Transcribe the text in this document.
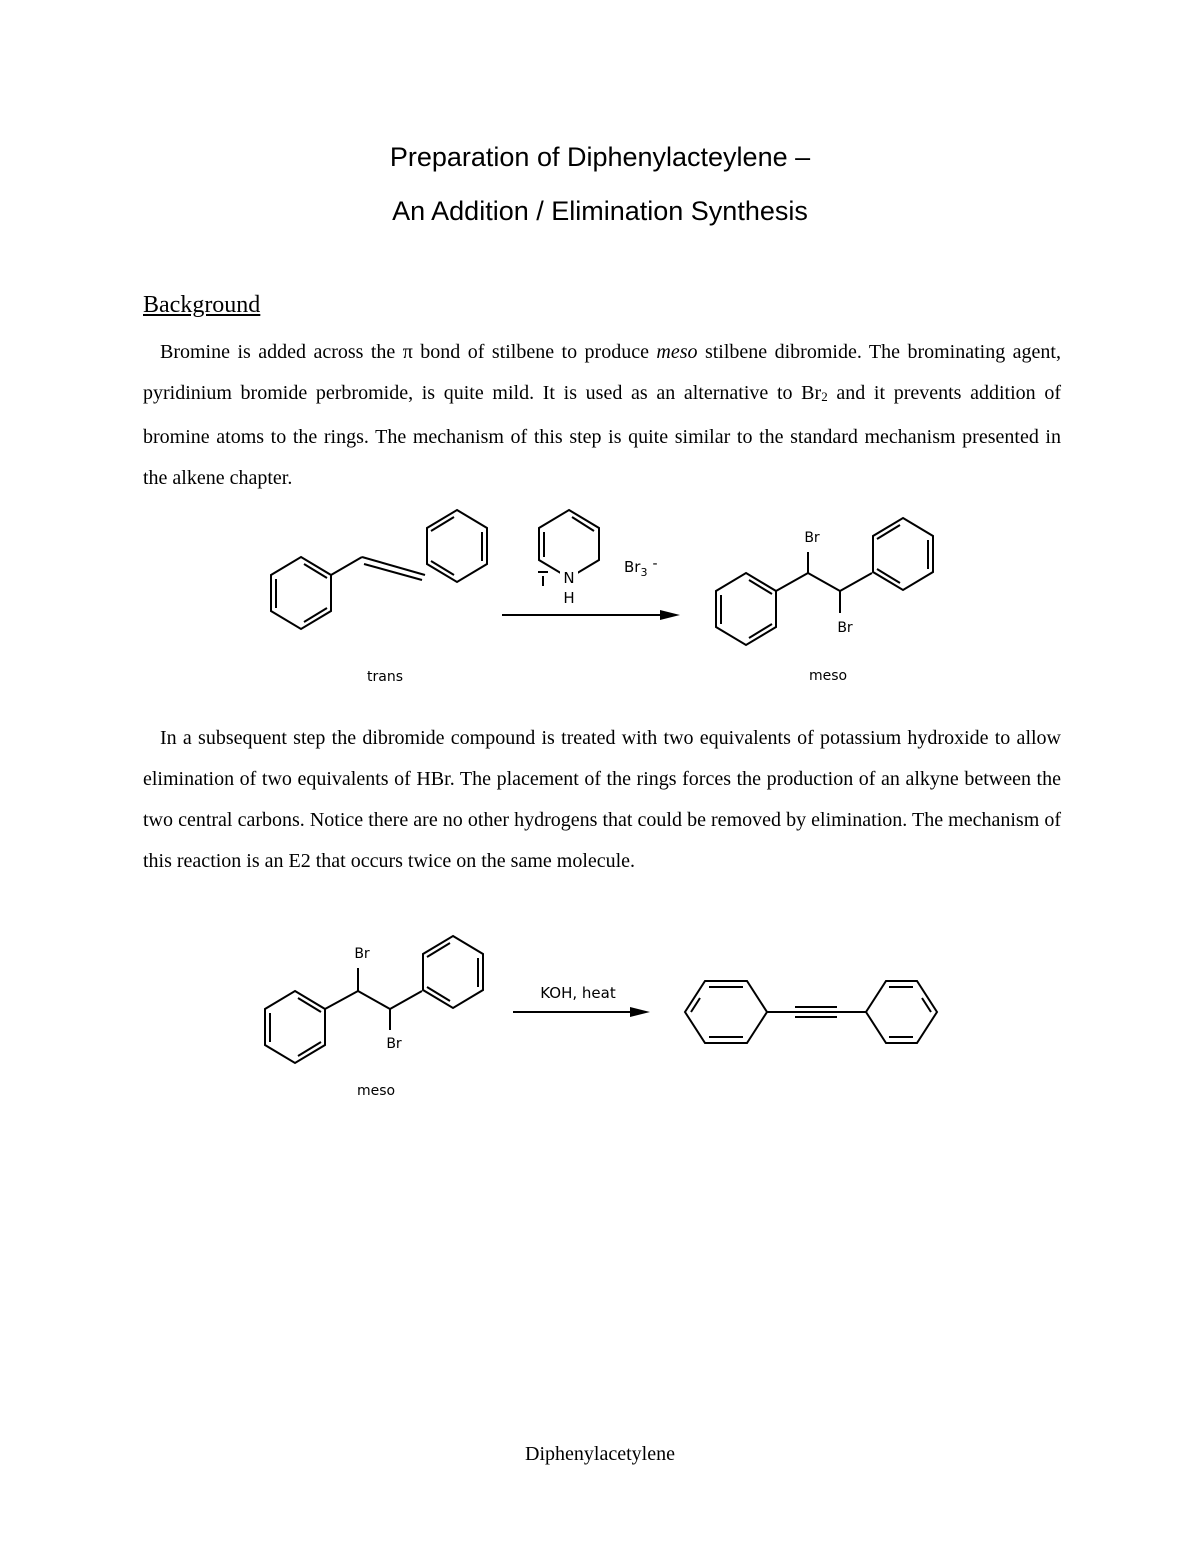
Preparation of Diphenylacteylene –
An Addition / Elimination Synthesis
Background
Bromine is added across the π bond of stilbene to produce meso stilbene dibromide. The brominating agent, pyridinium bromide perbromide, is quite mild. It is used as an alternative to $Br_2$ and it prevents addition of bromine atoms to the rings. The mechanism of this step is quite similar to the standard mechanism presented in the alkene chapter.
trans
N
H
$Br_3-$
Br
Br
meso
In a subsequent step the dibromide compound is treated with two equivalents of potassium hydroxide to allow elimination of two equivalents of HBr. The placement of the rings forces the production of an alkyne between the two central carbons. Notice there are no other hydrogens that could be removed by elimination. The mechanism of this reaction is an E2 that occurs twice on the same molecule.
Br
Br
meso
KOH, heat
Diphenylacetylene
